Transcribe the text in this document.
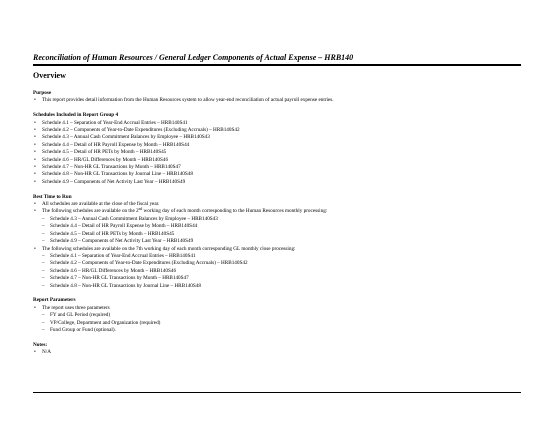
Reconciliation of Human Resources / General Ledger Components of Actual Expense – HRB140
Overview
Purpose
• This report provides detail information from the Human Resources system to allow year-end reconciliation of actual payroll expense entries.
Schedules Included in Report Group 4
• Schedule 4.1 – Separation of Year-End Accrual Entries – HRB140S41
• Schedule 4.2 – Components of Year-to-Date Expenditures (Excluding Accruals) – HRB140S42
• Schedule 4.3 – Annual Cash Commitment Balances by Employee – HRB140S43
• Schedule 4.4 – Detail of HR Payroll Expense by Month – HRB140S44
• Schedule 4.5 – Detail of HR PETs by Month – HRB140S45
• Schedule 4.6 – HR/GL Differences by Month – HRB140S46
• Schedule 4.7 – Non-HR GL Transactions by Month – HRB140S47
• Schedule 4.8 – Non-HR GL Transactions by Journal Line – HRB140S48
• Schedule 4.9 – Components of Net Activity Last Year – HRB140S49
Best Time to Run
• All schedules are available at the close of the fiscal year.
• The following schedules are available on the 2nd working day of each month corresponding to the Human Resources monthly processing:
– Schedule 4.3 – Annual Cash Commitment Balances by Employee – HRB140S43
– Schedule 4.4 – Detail of HR Payroll Expense by Month – HRB140S44
– Schedule 4.5 – Detail of HR PETs by Month – HRB140S45
– Schedule 4.9 – Components of Net Activity Last Year – HRB140S49
• The following schedules are available on the 7th working day of each month corresponding GL monthly close processing:
– Schedule 4.1 – Separation of Year-End Accrual Entries – HRB140S41
– Schedule 4.2 – Components of Year-to-Date Expenditures (Excluding Accruals) – HRB140S42
– Schedule 4.6 – HR/GL Differences by Month – HRB140S46
– Schedule 4.7 – Non-HR GL Transactions by Month – HRB140S47
– Schedule 4.8 – Non-HR GL Transactions by Journal Line – HRB140S48
Report Parameters
• The report uses three parameters
– FY and GL Period (required)
– VP/College, Department and Organization (required)
– Fund Group or Fund (optional).
Notes:
• N/A
